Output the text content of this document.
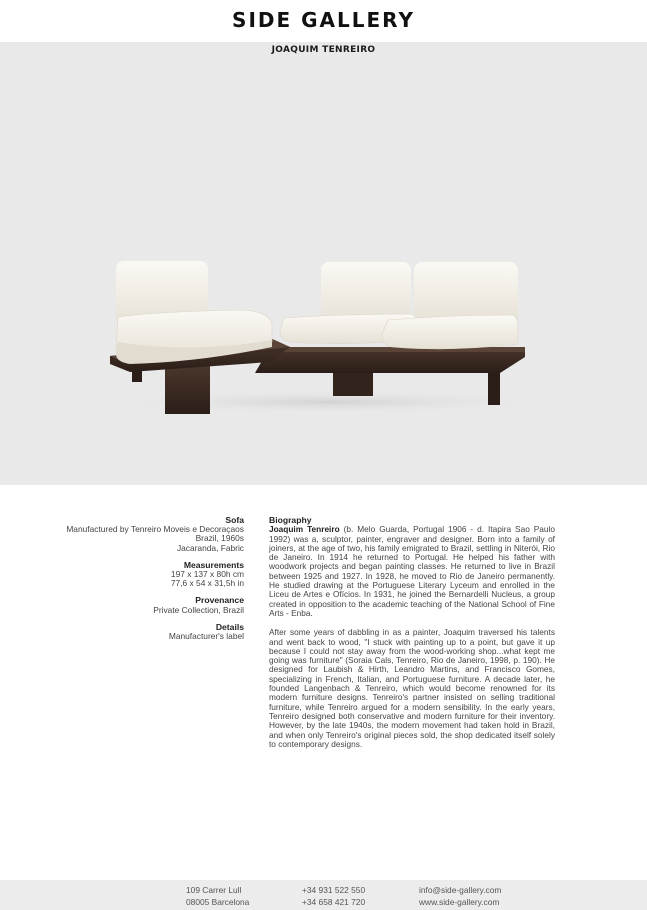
SIDE GALLERY
JOAQUIM TENREIRO
Sofa
Manufactured by Tenreiro Moveis e Decoraçaos
Brazil, 1960s
Jacaranda, Fabric
Measurements
197 x 137 x 80h cm
77,6 x 54 x 31,5h in
Provenance
Private Collection, Brazil
Details
Manufacturer's label
Biography

Joaquim Tenreiro (b. Melo Guarda, Portugal 1906 - d. Itapira Sao Paulo 1992) was a, sculptor, painter, engraver and designer. Born into a family of joiners, at the age of two, his family emigrated to Brazil, settling in Niterói, Rio de Janeiro. In 1914 he returned to Portugal. He helped his father with woodwork projects and began painting classes. He returned to live in Brazil between 1925 and 1927. In 1928, he moved to Rio de Janeiro permanently. He studied drawing at the Portuguese Literary Lyceum and enrolled in the Liceu de Artes e Ofícios. In 1931, he joined the Bernardelli Nucleus, a group created in opposition to the academic teaching of the National School of Fine Arts - Enba.

After some years of dabbling in as a painter, Joaquim traversed his talents and went back to wood, "I stuck with painting up to a point, but gave it up because I could not stay away from the wood-working shop...what kept me going was furniture" (Soraia Cals, Tenreiro, Rio de Janeiro, 1998, p. 190). He designed for Laubish & Hirth, Leandro Martins, and Francisco Gomes, specializing in French, Italian, and Portuguese furniture. A decade later, he founded Langenbach & Tenreiro, which would become renowned for its modern furniture designs. Tenreiro's partner insisted on selling traditional furniture, while Tenreiro argued for a modern sensibility. In the early years, Tenreiro designed both conservative and modern furniture for their inventory. However, by the late 1940s, the modern movement had taken hold in Brazil, and when only Tenreiro's original pieces sold, the shop dedicated itself solely to contemporary designs.

109 Carrer Lull
08005 Barcelona
+34 931 522 550
+34 658 421 720
info@side-gallery.com
www.side-gallery.com
